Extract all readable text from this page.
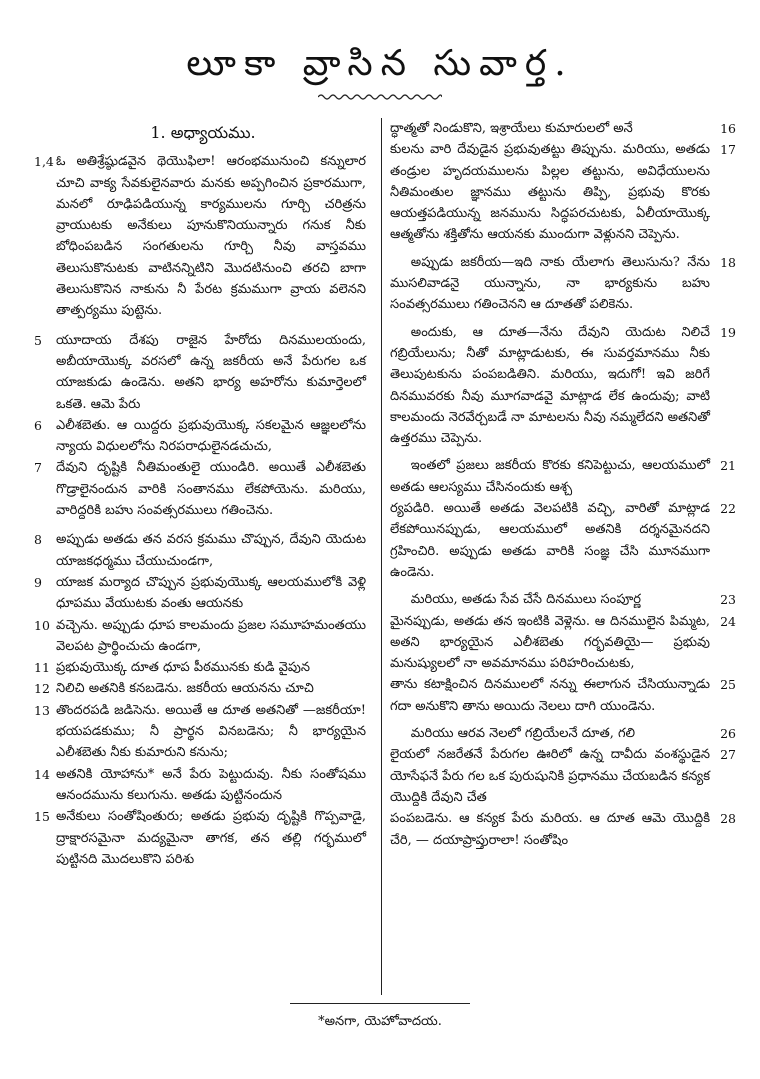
లూకా వ్రాసిన సువార్త.
1. అధ్యాయము.
1,4 ఓ అతిశ్రేష్ఠుడవైన థెయొఫిలా! ఆరంభమునుంచి కన్నులార చూచి వాక్య సేవకులైనవారు మనకు అప్పగించిన ప్రకారముగా, మనలో రూఢిపడియున్న కార్యములను గూర్చి చరిత్రను వ్రాయుటకు అనేకులు పూనుకొనియున్నారు గనుక నీకు బోధింపబడిన సంగతులను గూర్చి నీవు వాస్తవము తెలుసుకొనుటకు వాటినన్నిటిని మొదటినుంచి తరచి బాగా తెలుసుకొనిన నాకును నీ పేరట క్రమముగా వ్రాయ వలెనని తాత్పర్యము పుట్టెను.
5 యూదాయ దేశపు రాజైన హేరోదు దినములయందు, అబీయాయొక్క వరసలో ఉన్న జకరీయ అనే పేరుగల ఒక యాజకుడు ఉండెను. అతని భార్య అహరోను కుమార్తెలలో ఒకతె. ఆమె పేరు
6 ఎలీశబెతు. ఆ యిద్దరు ప్రభువుయొక్క సకలమైన ఆజ్ఞలలోను న్యాయ విధులలోను నిరపరాధులైనడచుచు,
7 దేవుని దృష్టికి నీతిమంతులై యుండిరి. అయితే ఎలీశబెతు గొడ్రాలైనందున వారికి సంతానము లేకపోయెను. మరియు, వారిద్దరికి బహు సంవత్సరములు గతించెను.
8 అప్పుడు అతడు తన వరస క్రమము చొప్పున, దేవుని యెదుట యాజకధర్మము చేయుచుండగా,
9 యాజక మర్యాద చొప్పున ప్రభువుయొక్క ఆలయములోకి వెళ్లి ధూపము వేయుటకు వంతు ఆయనకు
10 వచ్చెను. అప్పుడు ధూప కాలమందు ప్రజల సమూహమంతయు వెలపట ప్రార్థించుచు ఉండగా,
11 ప్రభువుయొక్క దూత ధూప పీఠమునకు కుడి వైపున
12 నిలిచి అతనికి కనబడెను. జకరీయ ఆయనను చూచి
13 తొందరపడి జడిసెను. అయితే ఆ దూత అతనితో —జకరీయా! భయపడకుము; నీ ప్రార్థన వినబడెను; నీ భార్యయైన ఎలీశబెతు నీకు కుమారుని కనును;
14 అతనికి యోహాను* అనే పేరు పెట్టుదువు. నీకు సంతోషము ఆనందమును కలుగును. అతడు పుట్టినందున
15 అనేకులు సంతోషింతురు; అతడు ప్రభువు దృష్టికి గొప్పవాడై, ద్రాక్షారసమైనా మద్యమైనా తాగక, తన తల్లి గర్భములో పుట్టినది మొదలుకొని పరిశు
16
ద్ధాత్మతో నిండుకొని, ఇశ్రాయేలు కుమారులలో అనే
17
కులను వారి దేవుడైన ప్రభువుతట్టు తిప్పును. మరియు, అతడు తండ్రుల హృదయములను పిల్లల తట్టును, అవిధేయులను నీతిమంతుల జ్ఞానము తట్టును తిప్పి, ప్రభువు కొరకు ఆయత్తపడియున్న జనమును సిద్ధపరచుటకు, ఏలీయాయొక్క ఆత్మతోను శక్తితోను ఆయనకు ముందుగా వెళ్లునని చెప్పెను.
18
అప్పుడు జకరీయ—ఇది నాకు యేలాగు తెలుసును? నేను ముసలివాడనై యున్నాను, నా భార్యకును బహు సంవత్సరములు గతించెనని ఆ దూతతో పలికెను.
19
అందుకు, ఆ దూత—నేను దేవుని యెదుట నిలిచే గబ్రియేలును; నీతో మాట్లాడుటకు, ఈ సువర్తమానము నీకు తెలుపుటకును పంపబడితిని. మరియు, ఇదుగో! ఇవి జరిగే దినమువరకు నీవు మూగవాడవై మాట్లాడ లేక ఉందువు; వాటి కాలమందు నెరవేర్చబడే నా మాటలను నీవు నమ్మలేదని అతనితో ఉత్తరము చెప్పెను.
21
ఇంతలో ప్రజలు జకరీయ కొరకు కనిపెట్టుచు, ఆలయములో అతడు ఆలస్యము చేసినందుకు ఆశ్చ
22
ర్యపడిరి. అయితే అతడు వెలపటికి వచ్చి, వారితో మాట్లాడ లేకపోయినప్పుడు, ఆలయములో అతనికి దర్శనమైనదని గ్రహించిరి. అప్పుడు అతడు వారికి సంజ్ఞ చేసి మూనముగా ఉండెను.
23
మరియు, అతడు సేవ చేసే దినములు సంపూర్ణ
24
మైనప్పుడు, అతడు తన ఇంటికి వెళ్లెను. ఆ దినములైన పిమ్మట, అతని భార్యయైన ఎలీశబెతు గర్భవతియై— ప్రభువు మనుష్యులలో నా అవమానము పరిహరించుటకు,
25
తాను కటాక్షించిన దినములలో నన్ను ఈలాగున చేసియున్నాడు గదా అనుకొని తాను అయిదు నెలలు దాగి యుండెను.
26
మరియు ఆరవ నెలలో గబ్రియేలనే దూత, గలి
27
లైయలో నజరేతనే పేరుగల ఊరిలో ఉన్న దావీదు వంశస్థుడైన యోసేఫనే పేరు గల ఒక పురుషునికి ప్రధానము చేయబడిన కన్యక యొద్దికి దేవుని చేత
28
పంపబడెను. ఆ కన్యక పేరు మరియ. ఆ దూత ఆమె యొద్దికి చేరి, — దయాప్రాప్తురాలా! సంతోషిం
*అనగా, యెహోవాదయ.
